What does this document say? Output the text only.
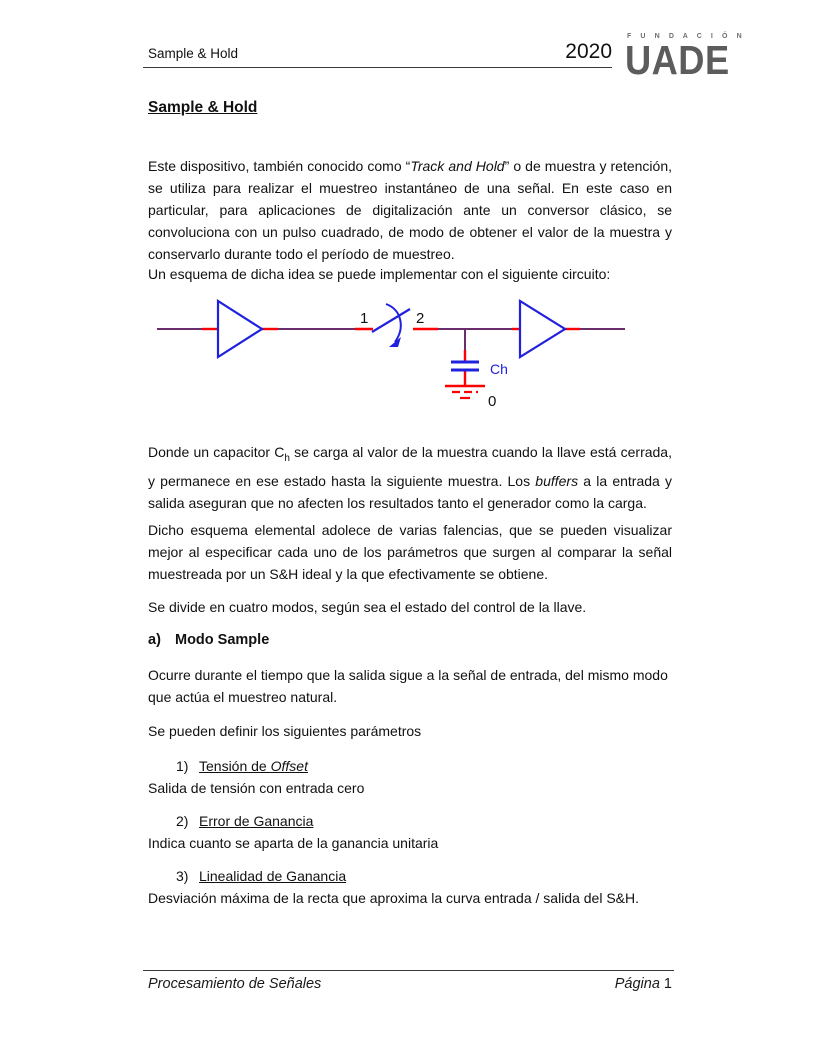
Sample & Hold	2020
F U N D A C I Ó N
UADE
Sample & Hold

Este dispositivo, también conocido como “Track and Hold” o de muestra y retención, se utiliza para realizar el muestreo instantáneo de una señal. En este caso en particular, para aplicaciones de digitalización ante un conversor clásico, se convoluciona con un pulso cuadrado, de modo de obtener el valor de la muestra y conservarlo durante todo el período de muestreo.

Un esquema de dicha idea se puede implementar con el siguiente circuito:

1	2
Ch
0

Donde un capacitor $C_h$ se carga al valor de la muestra cuando la llave está cerrada, y permanece en ese estado hasta la siguiente muestra. Los buffers a la entrada y salida aseguran que no afecten los resultados tanto el generador como la carga.

Dicho esquema elemental adolece de varias falencias, que se pueden visualizar mejor al especificar cada uno de los parámetros que surgen al comparar la señal muestreada por un S&H ideal y la que efectivamente se obtiene.

Se divide en cuatro modos, según sea el estado del control de la llave.

a) Modo Sample

Ocurre durante el tiempo que la salida sigue a la señal de entrada, del mismo modo que actúa el muestreo natural.

Se pueden definir los siguientes parámetros

1) Tensión de Offset
Salida de tensión con entrada cero
2) Error de Ganancia
Indica cuanto se aparta de la ganancia unitaria
3) Linealidad de Ganancia
Desviación máxima de la recta que aproxima la curva entrada / salida del S&H.
Procesamiento de Señales	Página 1
